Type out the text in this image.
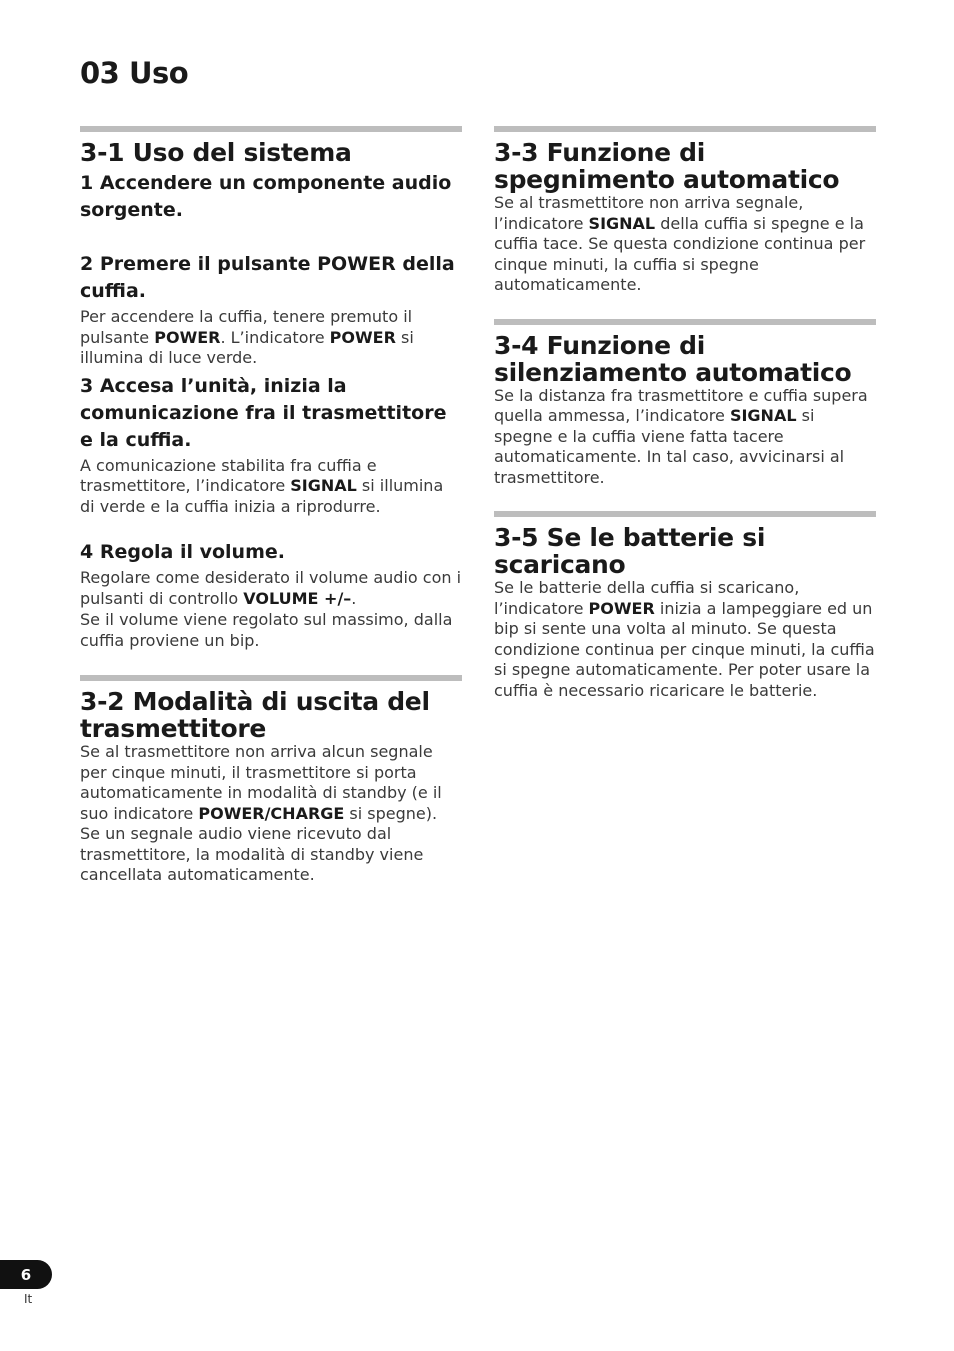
03 Uso
3-1 Uso del sistema
1 Accendere un componente audio sorgente.
2 Premere il pulsante POWER della cuffia.

Per accendere la cuffia, tenere premuto il pulsante POWER. L’indicatore POWER si illumina di luce verde.

3 Accesa l’unità, inizia la comunicazione fra il trasmettitore e la cuffia.

A comunicazione stabilita fra cuffia e trasmettitore, l’indicatore SIGNAL si illumina di verde e la cuffia inizia a riprodurre.

4 Regola il volume.

Regolare come desiderato il volume audio con i pulsanti di controllo VOLUME +/–.

Se il volume viene regolato sul massimo, dalla cuffia proviene un bip.

3-2 Modalità di uscita del trasmettitore

Se al trasmettitore non arriva alcun segnale per cinque minuti, il trasmettitore si porta automaticamente in modalità di standby (e il suo indicatore POWER/CHARGE si spegne). Se un segnale audio viene ricevuto dal trasmettitore, la modalità di standby viene cancellata automaticamente.

3-3 Funzione di spegnimento automatico

Se al trasmettitore non arriva segnale, l’indicatore SIGNAL della cuffia si spegne e la cuffia tace. Se questa condizione continua per cinque minuti, la cuffia si spegne automaticamente.

3-4 Funzione di silenziamento automatico

Se la distanza fra trasmettitore e cuffia supera quella ammessa, l’indicatore SIGNAL si spegne e la cuffia viene fatta tacere automaticamente. In tal caso, avvicinarsi al trasmettitore.

3-5 Se le batterie si scaricano

Se le batterie della cuffia si scaricano, l’indicatore POWER inizia a lampeggiare ed un bip si sente una volta al minuto. Se questa condizione continua per cinque minuti, la cuffia si spegne automaticamente. Per poter usare la cuffia è necessario ricaricare le batterie.

6
It
